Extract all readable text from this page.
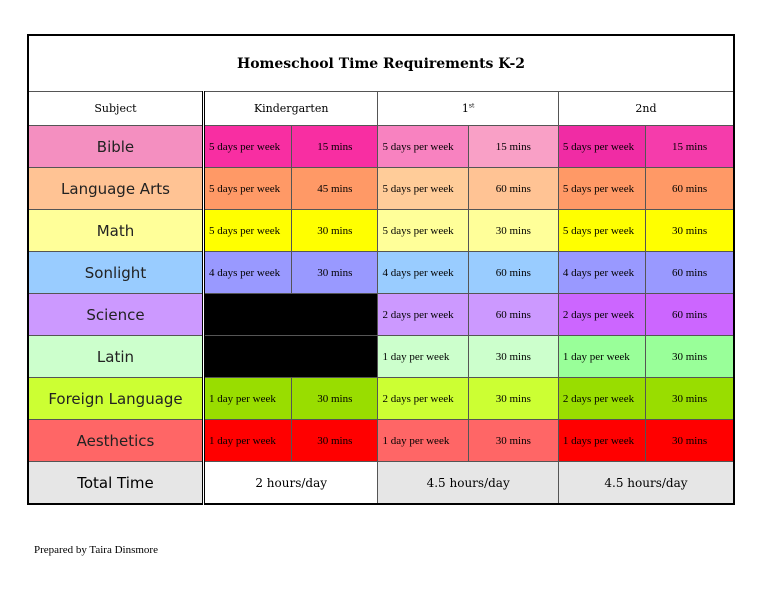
Homeschool Time Requirements K-2						
Subject	Kindergarten		1st		2nd	
Bible	5 days per week	15 mins	5 days per week	15 mins	5 days per week	15 mins
Language Arts	5 days per week	45 mins	5 days per week	60 mins	5 days per week	60 mins
Math	5 days per week	30 mins	5 days per week	30 mins	5 days per week	30 mins
Sonlight	4 days per week	30 mins	4 days per week	60 mins	4 days per week	60 mins
Science			2 days per week	60 mins	2 days per week	60 mins
Latin			1 day per week	30 mins	1 day per week	30 mins
Foreign Language	1 day per week	30 mins	2 days per week	30 mins	2 days per week	30 mins
Aesthetics	1 day per week	30 mins	1 day per week	30 mins	1 days per week	30 mins
Total Time	2 hours/day		4.5 hours/day		4.5 hours/day	
Prepared by Taira Dinsmore
